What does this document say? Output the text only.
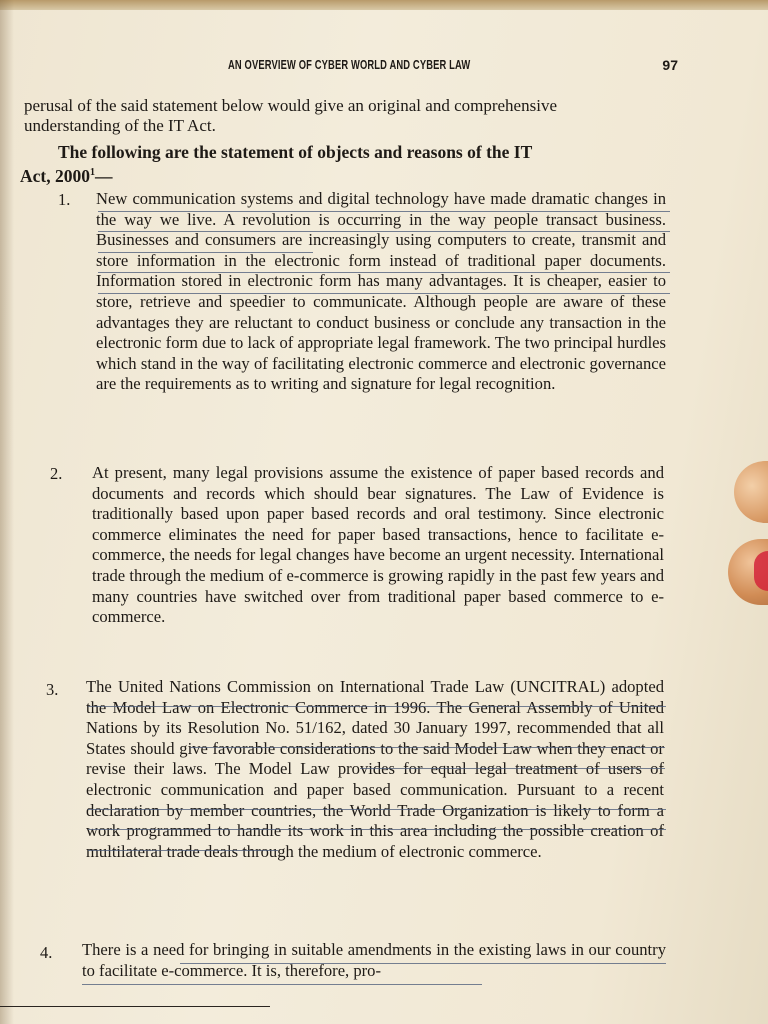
AN OVERVIEW OF CYBER WORLD AND CYBER LAW	97
perusal of the said statement below would give an original and comprehensive
understanding of the IT Act.
The following are the statement of objects and reasons of the IT
Act, 2000$^1$—
1. New communication systems and digital technology have made dramatic changes in the way we live. A revolution is occurring in the way people transact business. Businesses and consumers are increasingly using computers to create, transmit and store information in the electronic form instead of traditional paper documents. Information stored in electronic form has many advantages. It is cheaper, easier to store, retrieve and speedier to communicate. Although people are aware of these advantages they are reluctant to conduct business or conclude any transaction in the electronic form due to lack of appropriate legal framework. The two principal hurdles which stand in the way of facilitating electronic commerce and electronic governance are the requirements as to writing and signature for legal recognition.
2. At present, many legal provisions assume the existence of paper based records and documents and records which should bear signatures. The Law of Evidence is traditionally based upon paper based records and oral testimony. Since electronic commerce eliminates the need for paper based transactions, hence to facilitate e-commerce, the needs for legal changes have become an urgent necessity. International trade through the medium of e-commerce is growing rapidly in the past few years and many countries have switched over from traditional paper based commerce to e-commerce.
3. The United Nations Commission on International Trade Law (UNCITRAL) adopted the Model Law on Electronic Commerce in 1996. The General Assembly of United Nations by its Resolution No. 51/162, dated 30 January 1997, recommended that all States should give favorable considerations to the said Model Law when they enact or revise their laws. The Model Law provides for equal legal treatment of users of electronic communication and paper based communication. Pursuant to a recent declaration by member countries, the World Trade Organization is likely to form a work programmed to handle its work in this area including the possible creation of multilateral trade deals through the medium of electronic commerce.
4. There is a need for bringing in suitable amendments in the existing laws in our country to facilitate e-commerce. It is, therefore, pro-
